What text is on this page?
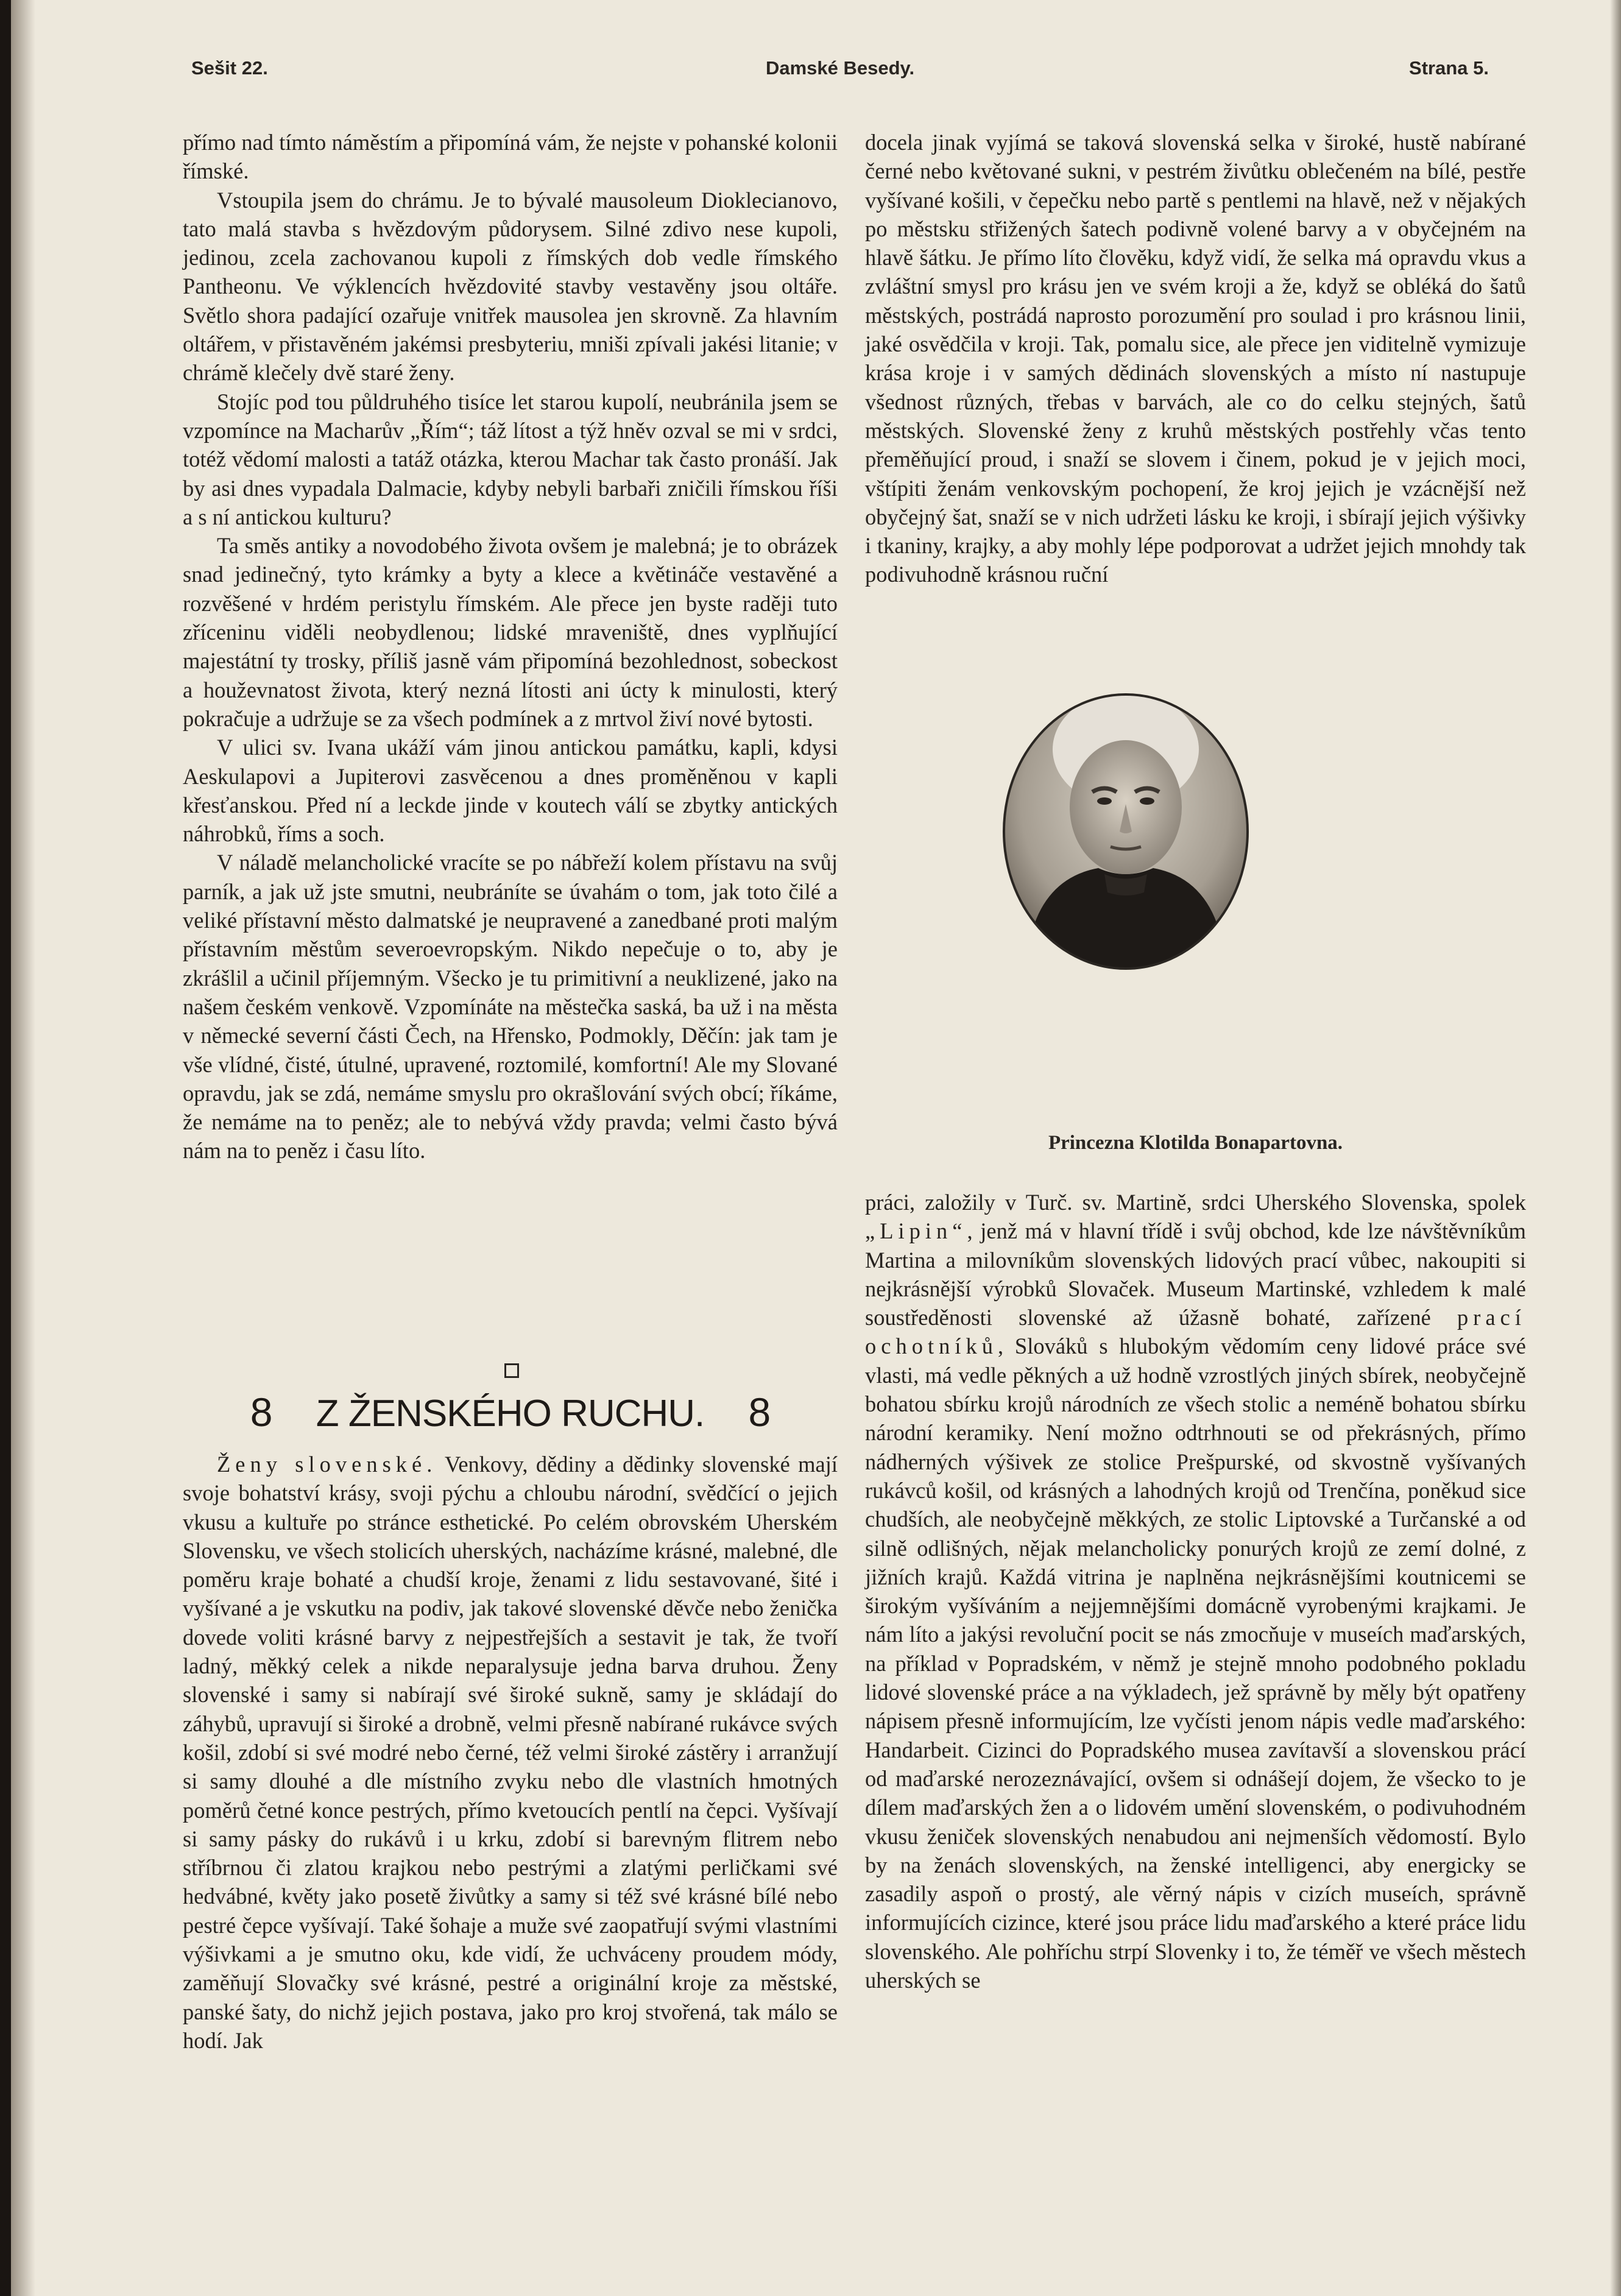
Sešit 22.	Damské Besedy.	Strana 5.

přímo nad tímto náměstím a připomíná vám, že nejste v pohanské kolonii římské.

Vstoupila jsem do chrámu. Je to bývalé mausoleum Dioklecianovo, tato malá stavba s hvězdovým půdorysem. Silné zdivo nese kupoli, jedinou, zcela zachovanou kupoli z římských dob vedle římského Pantheonu. Ve výklencích hvězdovité stavby vestavěny jsou oltáře. Světlo shora padající ozařuje vnitřek mausolea jen skrovně. Za hlavním oltářem, v přistavěném jakémsi presbyteriu, mniši zpívali jakési litanie; v chrámě klečely dvě staré ženy.

Stojíc pod tou půldruhého tisíce let starou kupolí, neubránila jsem se vzpomínce na Macharův „Řím“; táž lítost a týž hněv ozval se mi v srdci, totéž vědomí malosti a tatáž otázka, kterou Machar tak často pronáší. Jak by asi dnes vypadala Dalmacie, kdyby nebyli barbaři zničili římskou říši a s ní antickou kulturu?

Ta směs antiky a novodobého života ovšem je malebná; je to obrázek snad jedinečný, tyto krámky a byty a klece a květináče vestavěné a rozvěšené v hrdém peristylu římském. Ale přece jen byste raději tuto zříceninu viděli neobydlenou; lidské mraveniště, dnes vyplňující majestátní ty trosky, příliš jasně vám připomíná bezohlednost, sobeckost a houževnatost života, který nezná lítosti ani úcty k minulosti, který pokračuje a udržuje se za všech podmínek a z mrtvol živí nové bytosti.

V ulici sv. Ivana ukáží vám jinou antickou památku, kapli, kdysi Aeskulapovi a Jupiterovi zasvěcenou a dnes proměněnou v kapli křesťanskou. Před ní a leckde jinde v koutech válí se zbytky antických náhrobků, říms a soch.

V náladě melancholické vracíte se po nábřeží kolem přístavu na svůj parník, a jak už jste smutni, neubráníte se úvahám o tom, jak toto čilé a veliké přístavní město dalmatské je neupravené a zanedbané proti malým přístavním městům severoevropským. Nikdo nepečuje o to, aby je zkrášlil a učinil příjemným. Všecko je tu primitivní a neuklizené, jako na našem českém venkově. Vzpomínáte na městečka saská, ba už i na města v německé severní části Čech, na Hřensko, Podmokly, Děčín: jak tam je vše vlídné, čisté, útulné, upravené, roztomilé, komfortní! Ale my Slované opravdu, jak se zdá, nemáme smyslu pro okrašlování svých obcí; říkáme, že nemáme na to peněz; ale to nebývá vždy pravda; velmi často bývá nám na to peněz i času líto.

8 Z ŽENSKÉHO RUCHU. 8

Ženy slovenské. Venkovy, dědiny a dědinky slovenské mají svoje bohatství krásy, svoji pýchu a chloubu národní, svědčící o jejich vkusu a kultuře po stránce esthetické. Po celém obrovském Uherském Slovensku, ve všech stolicích uherských, nacházíme krásné, malebné, dle poměru kraje bohaté a chudší kroje, ženami z lidu sestavované, šité i vyšívané a je vskutku na podiv, jak takové slovenské děvče nebo ženička dovede voliti krásné barvy z nejpestřejších a sestavit je tak, že tvoří ladný, měkký celek a nikde neparalysuje jedna barva druhou. Ženy slovenské i samy si nabírají své široké sukně, samy je skládají do záhybů, upravují si široké a drobně, velmi přesně nabírané rukávce svých košil, zdobí si své modré nebo černé, též velmi široké zástěry i arranžují si samy dlouhé a dle místního zvyku nebo dle vlastních hmotných poměrů četné konce pestrých, přímo kvetoucích pentlí na čepci. Vyšívají si samy pásky do rukávů i u krku, zdobí si barevným flitrem nebo stříbrnou či zlatou krajkou nebo pestrými a zlatými perličkami své hedvábné, květy jako posetě živůtky a samy si též své krásné bílé nebo pestré čepce vyšívají. Také šohaje a muže své zaopatřují svými vlastními výšivkami a je smutno oku, kde vidí, že uchváceny proudem módy, zaměňují Slovačky své krásné, pestré a originální kroje za městské, panské šaty, do nichž jejich postava, jako pro kroj stvořená, tak málo se hodí. Jak

docela jinak vyjímá se taková slovenská selka v široké, hustě nabírané černé nebo květované sukni, v pestrém živůtku oblečeném na bílé, pestře vyšívané košili, v čepečku nebo partě s pentlemi na hlavě, než v nějakých po městsku střižených šatech podivně volené barvy a v obyčejném na hlavě šátku. Je přímo líto člověku, když vidí, že selka má opravdu vkus a zvláštní smysl pro krásu jen ve svém kroji a že, když se obléká do šatů městských, postrádá naprosto porozumění pro soulad i pro krásnou linii, jaké osvědčila v kroji. Tak, pomalu sice, ale přece jen viditelně vymizuje krása kroje i v samých dědinách slovenských a místo ní nastupuje všednost různých, třebas v barvách, ale co do celku stejných, šatů městských. Slovenské ženy z kruhů městských postřehly včas tento přeměňující proud, i snaží se slovem i činem, pokud je v jejich moci, vštípiti ženám venkovským pochopení, že kroj jejich je vzácnější než obyčejný šat, snaží se v nich udržeti lásku ke kroji, i sbírají jejich výšivky i tkaniny, krajky, a aby mohly lépe podporovat a udržet jejich mnohdy tak podivuhodně krásnou ruční

Princezna Klotilda Bonapartovna.

práci, založily v Turč. sv. Martině, srdci Uherského Slovenska, spolek „Lipin“, jenž má v hlavní třídě i svůj obchod, kde lze návštěvníkům Martina a milovníkům slovenských lidových prací vůbec, nakoupiti si nejkrásnější výrobků Slovaček. Museum Martinské, vzhledem k malé soustředěnosti slovenské až úžasně bohaté, zařízené prací ochotníků, Slováků s hlubokým vědomím ceny lidové práce své vlasti, má vedle pěkných a už hodně vzrostlých jiných sbírek, neobyčejně bohatou sbírku krojů národních ze všech stolic a neméně bohatou sbírku národní keramiky. Není možno odtrhnouti se od překrásných, přímo nádherných výšivek ze stolice Prešpurské, od skvostně vyšívaných rukávců košil, od krásných a lahodných krojů od Trenčína, poněkud sice chudších, ale neobyčejně měkkých, ze stolic Liptovské a Turčanské a od silně odlišných, nějak melancholicky ponurých krojů ze zemí dolné, z jižních krajů. Každá vitrina je naplněna nejkrásnějšími koutnicemi se širokým vyšíváním a nejjemnějšími domácně vyrobenými krajkami. Je nám líto a jakýsi revoluční pocit se nás zmocňuje v museích maďarských, na příklad v Popradském, v němž je stejně mnoho podobného pokladu lidové slovenské práce a na výkladech, jež správně by měly být opatřeny nápisem přesně informujícím, lze vyčísti jenom nápis vedle maďarského: Handarbeit. Cizinci do Popradského musea zavítavší a slovenskou prácí od maďarské nerozeznávající, ovšem si odnášejí dojem, že všecko to je dílem maďarských žen a o lidovém umění slovenském, o podivuhodném vkusu ženiček slovenských nenabudou ani nejmenších vědomostí. Bylo by na ženách slovenských, na ženské intelligenci, aby energicky se zasadily aspoň o prostý, ale věrný nápis v cizích museích, správně informujících cizince, které jsou práce lidu maďarského a které práce lidu slovenského. Ale pohříchu strpí Slovenky i to, že téměř ve všech městech uherských se
